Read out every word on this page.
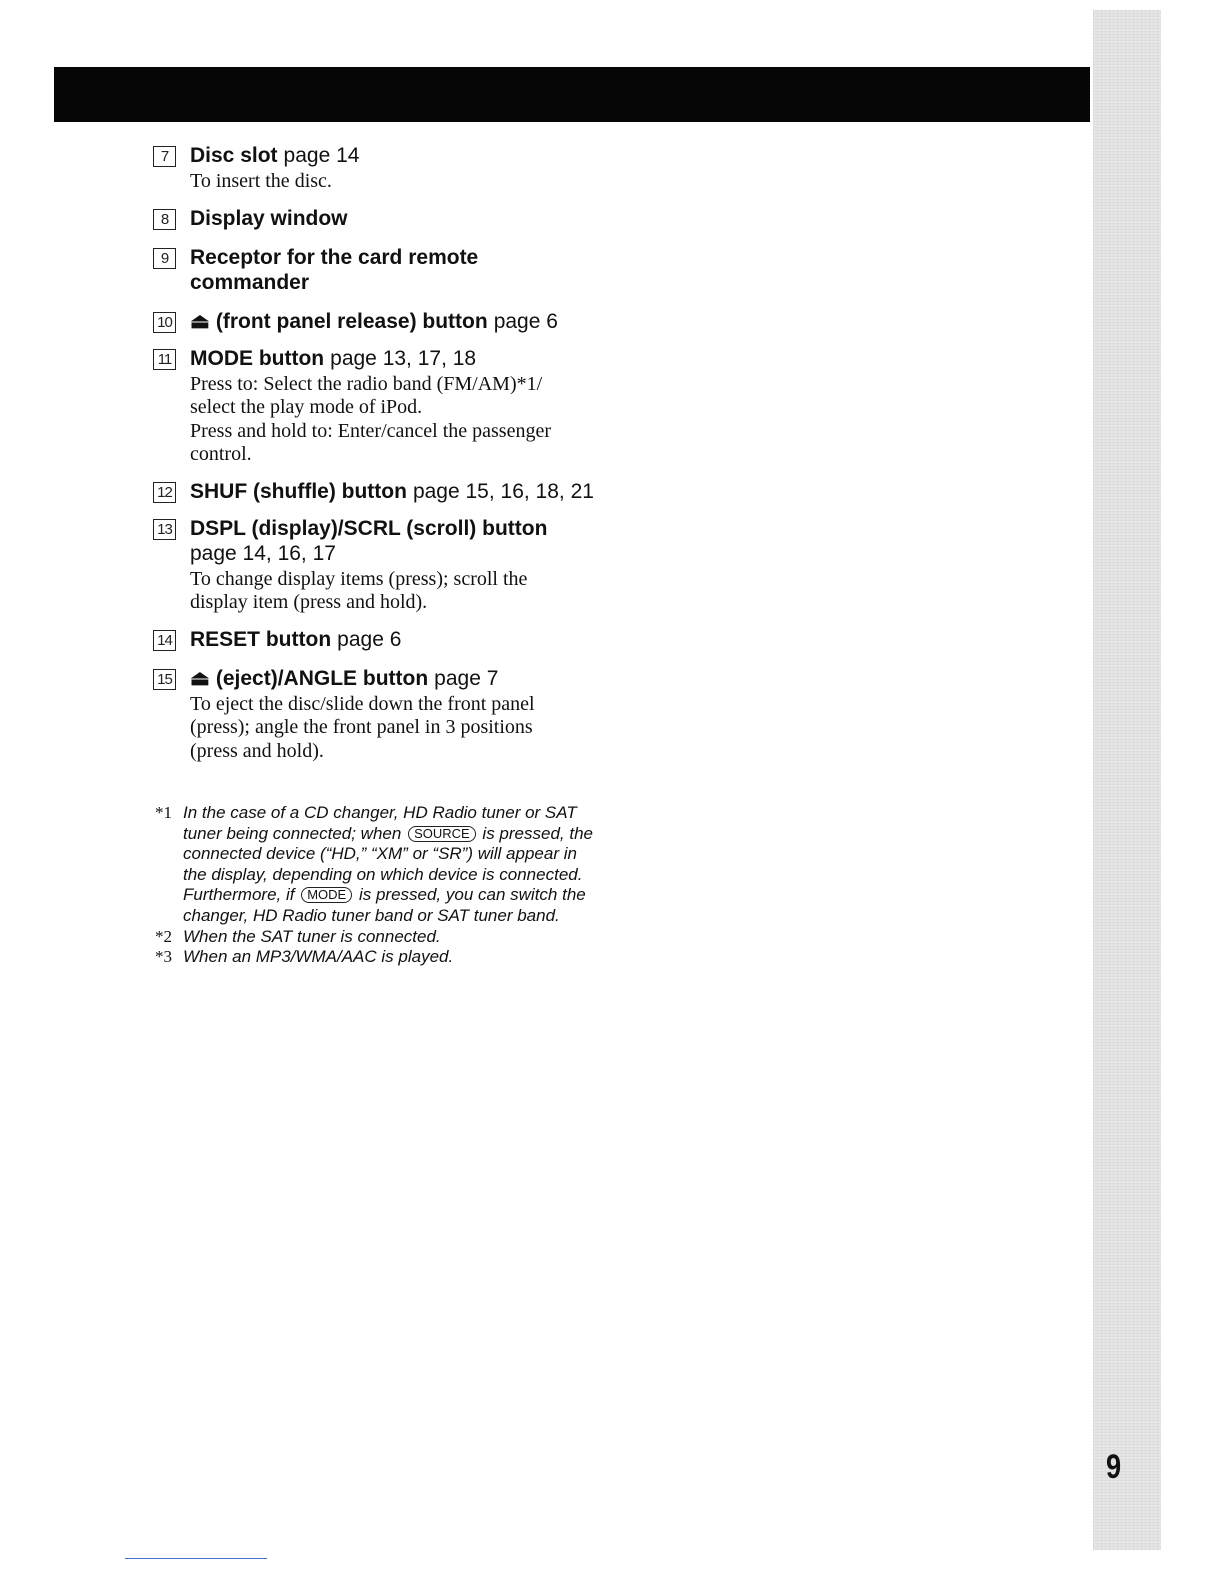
7	Disc slot page 14
To insert the disc.
8	Display window
9	Receptor for the card remote commander
10 ⏏ (front panel release) button page 6
11 MODE button page 13, 17, 18
Press to: Select the radio band (FM/AM)*1/ select the play mode of iPod.
Press and hold to: Enter/cancel the passenger control.
12 SHUF (shuffle) button page 15, 16, 18, 21
13 DSPL (display)/SCRL (scroll) button
page 14, 16, 17
To change display items (press); scroll the display item (press and hold).
14 RESET button page 6
15 ⏏ (eject)/ANGLE button page 7
To eject the disc/slide down the front panel (press); angle the front panel in 3 positions (press and hold).
*1 In the case of a CD changer, HD Radio tuner or SAT tuner being connected; when SOURCE is pressed, the connected device (“HD,” “XM” or “SR”) will appear in the display, depending on which device is connected. Furthermore, if MODE is pressed, you can switch the changer, HD Radio tuner band or SAT tuner band.
*2 When the SAT tuner is connected.
*3 When an MP3/WMA/AAC is played.
9
